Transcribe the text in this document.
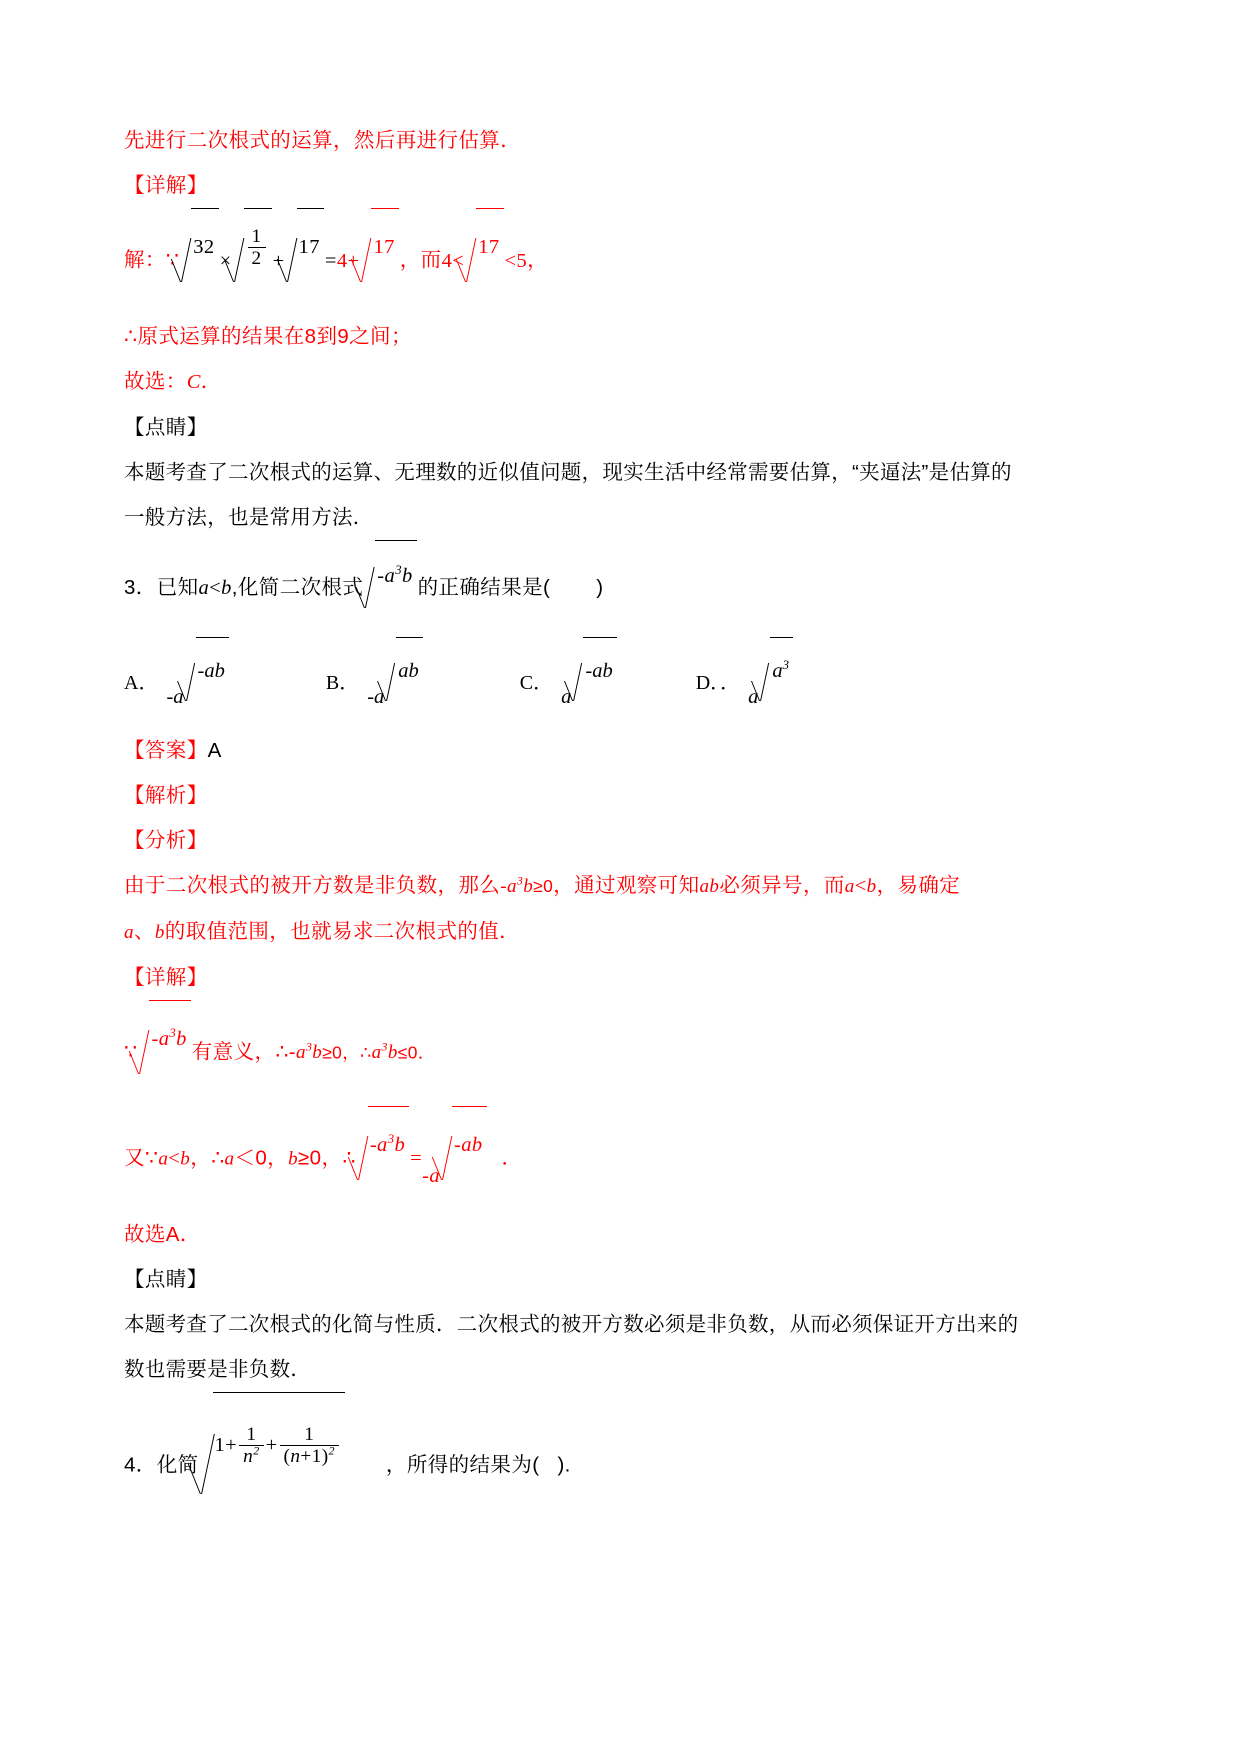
先进行二次根式的运算，然后再进行估算．
【详解】
解：∵
32
× $\frac{1}{2}$ +
17
=4+
17
，而4<
17
<5，
∴原式运算的结果在8到9之间；
故选：C．
【点睛】
本题考查了二次根式的运算、无理数的近似值问题，现实生活中经常需要估算，“夹逼法”是估算的
一般方法，也是常用方法．
3．已知a<b,化简二次根式 $-a^3b$ 的正确结果是( )
A．
-a
-ab
B．
-a
ab
C．
a
-ab
D．．
a
$a^3$
【答案】A
【解析】
【分析】
由于二次根式的被开方数是非负数，那么$-a^3b\ge 0$，通过观察可知ab必须异号，而a<b，易确定
a、b的取值范围，也就易求二次根式的值．
【详解】
∵
$-a^3b$
有意义，$\therefore-a^3b\ge 0$，$\therefore a^3b\le 0$．
又∵a<b，∴a＜0，b≥0，∴
$-a^3b$
=-a
-ab
．
故选A．
【点睛】
本题考查了二次根式的化简与性质．二次根式的被开方数必须是非负数，从而必须保证开方出来的
数也需要是非负数．
4．化简
$1+ \frac{1}{n^2} + \frac{1}{(n+1)^2}$ ，所得的结果为( ).
